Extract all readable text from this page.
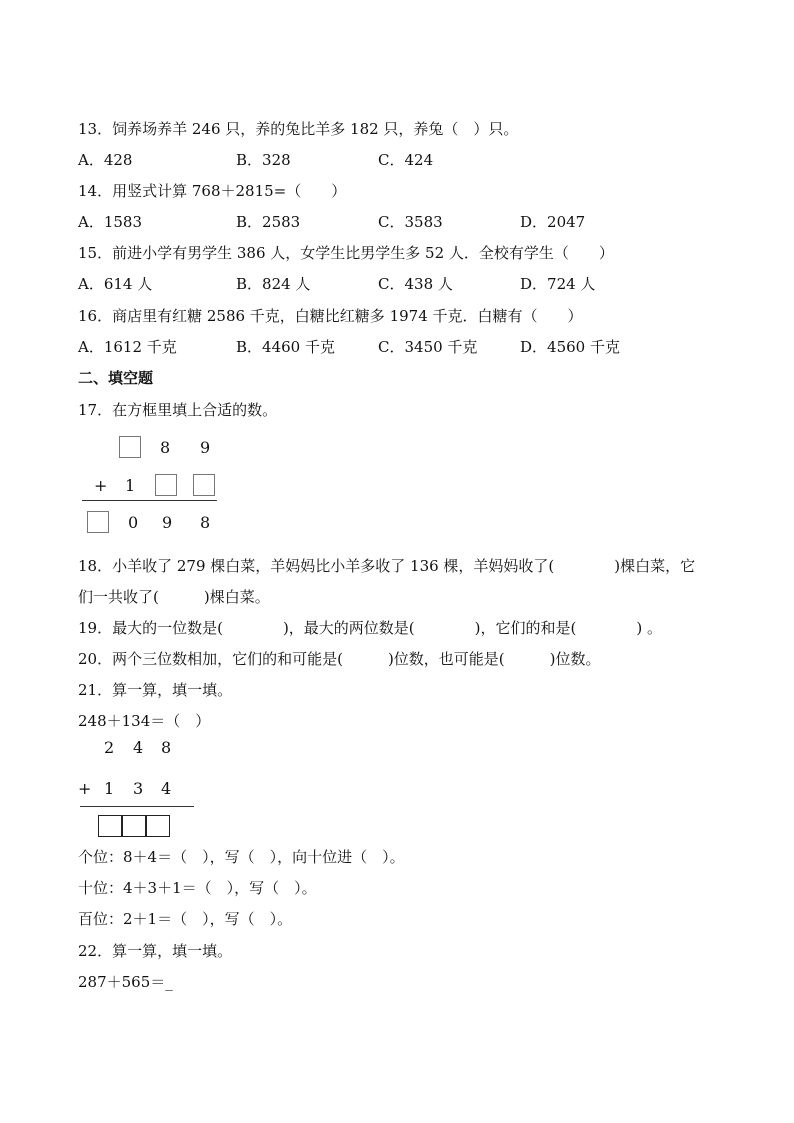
13．饲养场养羊 246 只，养的兔比羊多 182 只，养兔（　）只。
A．428	B．328	C．424
14．用竖式计算 768＋2815=（　　）
A．1583	B．2583	C．3583	D．2047
15．前进小学有男学生 386 人，女学生比男学生多 52 人．全校有学生（　　）
A．614 人	B．824 人	C．438 人	D．724 人
16．商店里有红糖 2586 千克，白糖比红糖多 1974 千克．白糖有（　　）
A．1612 千克	B．4460 千克	C．3450 千克	D．4560 千克
二、填空题
17．在方框里填上合适的数。
8 9
+ 1
0 9 8
18．小羊收了 279 棵白菜，羊妈妈比小羊多收了 136 棵，羊妈妈收了(　　　　)棵白菜，它
们一共收了(　　　)棵白菜。
19．最大的一位数是(　　　　)，最大的两位数是(　　　　)，它们的和是(　　　　) 。
20．两个三位数相加，它们的和可能是(　　　)位数，也可能是(　　　)位数。
21．算一算，填一填。
248＋134＝（　）
2 4 8
+ 1 3 4
个位：8＋4＝（　），写（　），向十位进（　）。
十位：4＋3＋1＝（　），写（　）。
百位：2＋1＝（　），写（　）。
22．算一算，填一填。
287＋565＝_
